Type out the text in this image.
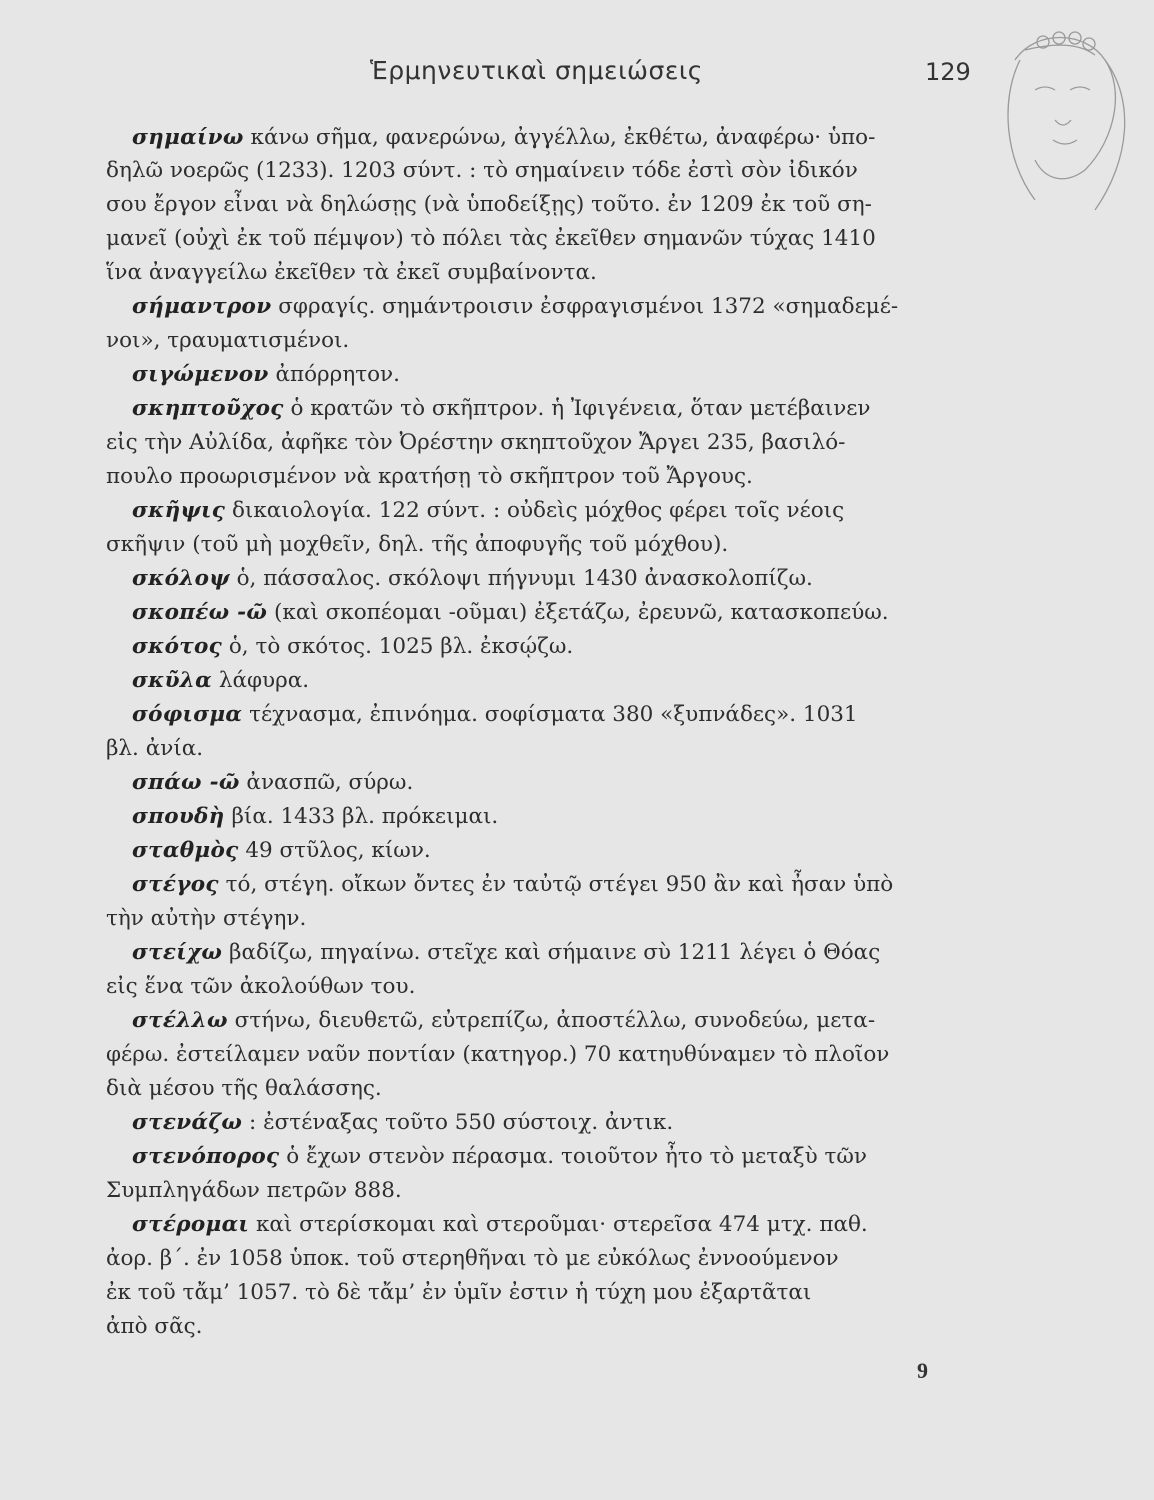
Ἑρμηνευτικαὶ σημειώσεις	129
σημαίνω κάνω σῆμα, φανερώνω, ἀγγέλλω, ἐκθέτω, ἀναφέρω· ὑπο-
δηλῶ νοερῶς (1233). 1203 σύντ. : τὸ σημαίνειν τόδε ἐστὶ σὸν ἰδικόν
σου ἔργον εἶναι νὰ δηλώσῃς (νὰ ὑποδείξῃς) τοῦτο. ἐν 1209 ἐκ τοῦ ση-
μανεῖ (οὐχὶ ἐκ τοῦ πέμψον) τὸ πόλει τὰς ἐκεῖθεν σημανῶν τύχας 1410
ἵνα ἀναγγείλω ἐκεῖθεν τὰ ἐκεῖ συμβαίνοντα.
σήμαντρον σφραγίς. σημάντροισιν ἐσφραγισμένοι 1372 «σημαδεμέ-
νοι», τραυματισμένοι.
σιγώμενον ἀπόρρητον.
σκηπτοῦχος ὁ κρατῶν τὸ σκῆπτρον. ἡ Ἰφιγένεια, ὅταν μετέβαινεν
εἰς τὴν Αὐλίδα, ἀφῆκε τὸν Ὀρέστην σκηπτοῦχον Ἄργει 235, βασιλό-
πουλο προωρισμένον νὰ κρατήσῃ τὸ σκῆπτρον τοῦ Ἄργους.
σκῆψις δικαιολογία. 122 σύντ. : οὐδεὶς μόχθος φέρει τοῖς νέοις
σκῆψιν (τοῦ μὴ μοχθεῖν, δηλ. τῆς ἀποφυγῆς τοῦ μόχθου).
σκόλοψ ὁ, πάσσαλος. σκόλοψι πήγνυμι 1430 ἀνασκολοπίζω.
σκοπέω -ῶ (καὶ σκοπέομαι -οῦμαι) ἐξετάζω, ἐρευνῶ, κατασκοπεύω.
σκότος ὁ, τὸ σκότος. 1025 βλ. ἐκσῴζω.
σκῦλα λάφυρα.
σόφισμα τέχνασμα, ἐπινόημα. σοφίσματα 380 «ξυπνάδες». 1031
βλ. ἀνία.
σπάω -ῶ ἀνασπῶ, σύρω.
σπουδὴ βία. 1433 βλ. πρόκειμαι.
σταθμὸς 49 στῦλος, κίων.
στέγος τό, στέγη. οἴκων ὄντες ἐν ταὐτῷ στέγει 950 ἂν καὶ ἦσαν ὑπὸ
τὴν αὐτὴν στέγην.
στείχω βαδίζω, πηγαίνω. στεῖχε καὶ σήμαινε σὺ 1211 λέγει ὁ Θόας
εἰς ἕνα τῶν ἀκολούθων του.
στέλλω στήνω, διευθετῶ, εὐτρεπίζω, ἀποστέλλω, συνοδεύω, μετα-
φέρω. ἐστείλαμεν ναῦν ποντίαν (κατηγορ.) 70 κατηυθύναμεν τὸ πλοῖον
διὰ μέσου τῆς θαλάσσης.
στενάζω : ἐστέναξας τοῦτο 550 σύστοιχ. ἀντικ.
στενόπορος ὁ ἔχων στενὸν πέρασμα. τοιοῦτον ἦτο τὸ μεταξὺ τῶν
Συμπληγάδων πετρῶν 888.
στέρομαι καὶ στερίσκομαι καὶ στεροῦμαι· στερεῖσα 474 μτχ. παθ.
ἀορ. β΄. ἐν 1058 ὑποκ. τοῦ στερηθῆναι τὸ με εὐκόλως ἐννοούμενον
ἐκ τοῦ τἄμ’ 1057. τὸ δὲ τἄμ’ ἐν ὑμῖν ἐστιν ἡ τύχη μου ἐξαρτᾶται
ἀπὸ σᾶς.
9
